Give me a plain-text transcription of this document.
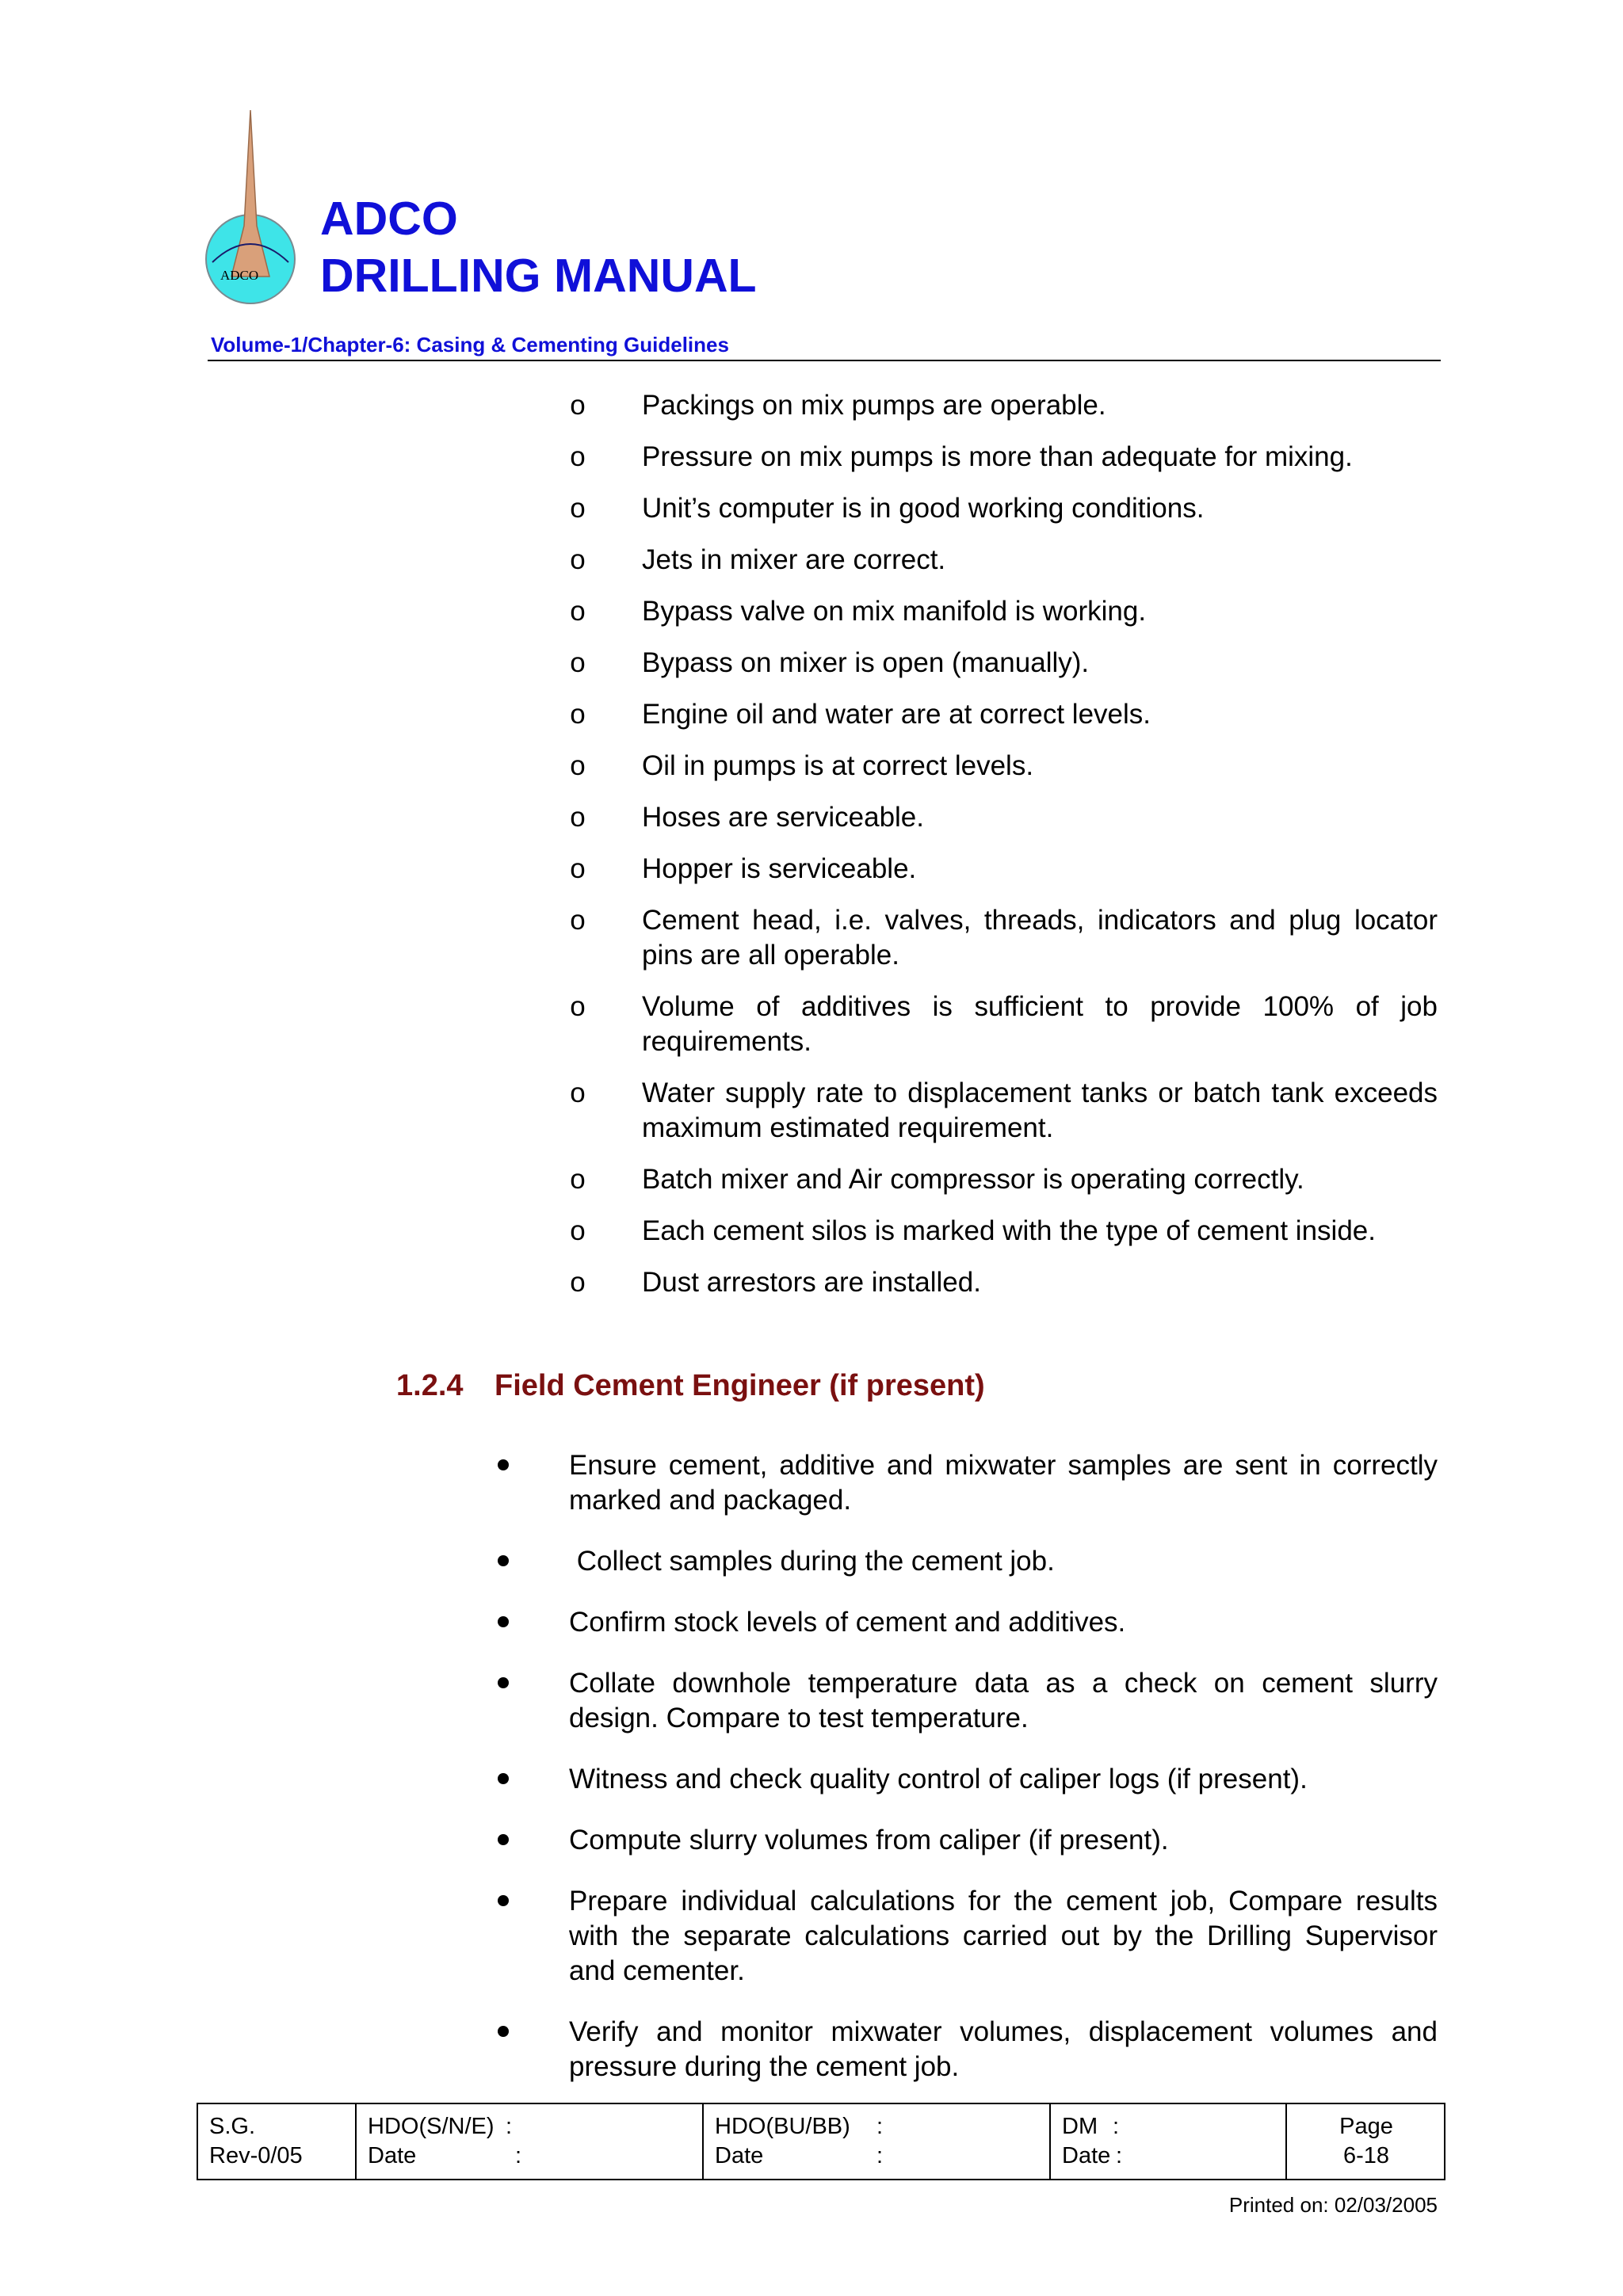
ADCO
ADCO
DRILLING MANUAL
Volume-1/Chapter-6: Casing & Cementing Guidelines
o Packings on mix pumps are operable.
o Pressure on mix pumps is more than adequate for mixing.
o Unit’s computer is in good working conditions.
o Jets in mixer are correct.
o Bypass valve on mix manifold is working.
o Bypass on mixer is open (manually).
o Engine oil and water are at correct levels.
o Oil in pumps is at correct levels.
o Hoses are serviceable.
o Hopper is serviceable.
o Cement head, i.e. valves, threads, indicators and plug locator pins are all operable.
o Volume of additives is sufficient to provide 100% of job requirements.
o Water supply rate to displacement tanks or batch tank exceeds maximum estimated requirement.
o Batch mixer and Air compressor is operating correctly.
o Each cement silos is marked with the type of cement inside.
o Dust arrestors are installed.
1.2.4 Field Cement Engineer (if present)
Ensure cement, additive and mixwater samples are sent in correctly marked and packaged.
Collect samples during the cement job.
Confirm stock levels of cement and additives.
Collate downhole temperature data as a check on cement slurry design. Compare to test temperature.
Witness and check quality control of caliper logs (if present).
Compute slurry volumes from caliper (if present).
Prepare individual calculations for the cement job, Compare results with the separate calculations carried out by the Drilling Supervisor and cementer.
Verify and monitor mixwater volumes, displacement volumes and pressure during the cement job.
S.G.
Rev-0/05
HDO(S/N/E) :
Date	:
HDO(BU/BB) :
Date	:
DM :
Date :
Page
6-18
Printed on: 02/03/2005
